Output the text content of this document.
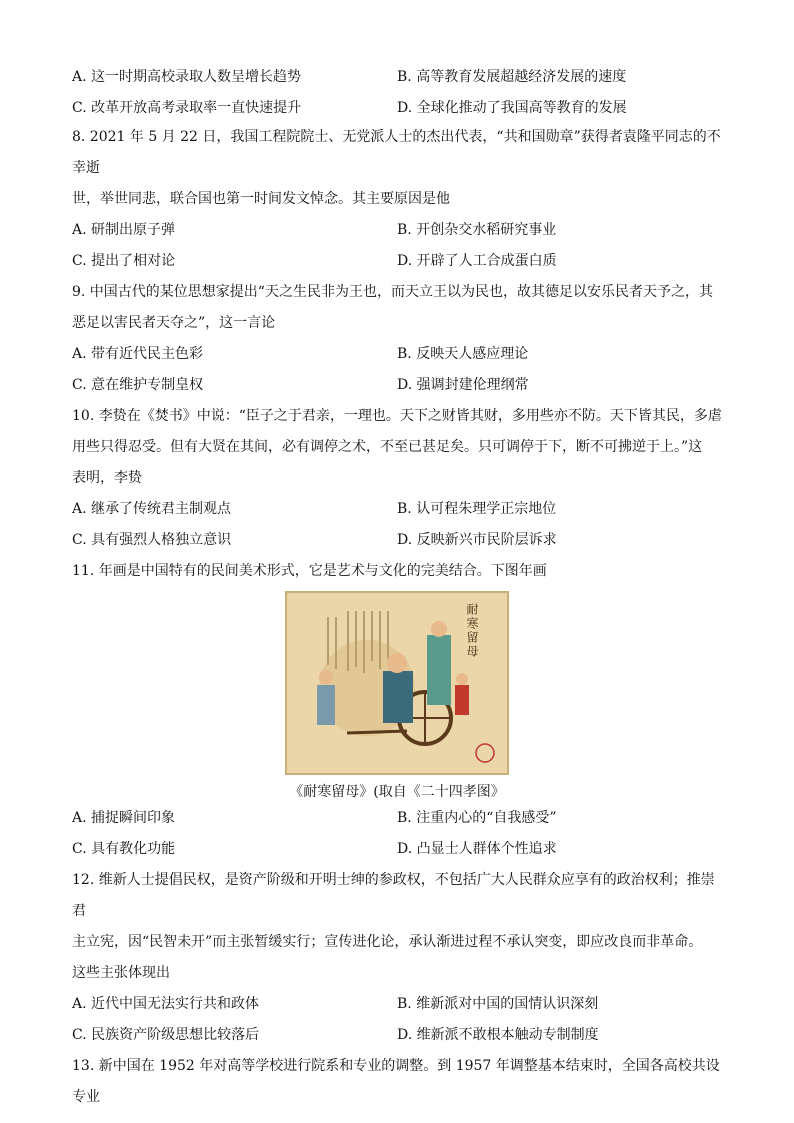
A. 这一时期高校录取人数呈增长趋势	B. 高等教育发展超越经济发展的速度
C. 改革开放高考录取率一直快速提升	D. 全球化推动了我国高等教育的发展

8. 2021 年 5 月 22 日，我国工程院院士、无党派人士的杰出代表，“共和国勋章”获得者袁隆平同志的不幸逝

世，举世同悲，联合国也第一时间发文悼念。其主要原因是他

A. 研制出原子弹	B. 开创杂交水稻研究事业
C. 提出了相对论	D. 开辟了人工合成蛋白质

9. 中国古代的某位思想家提出“天之生民非为王也，而天立王以为民也，故其德足以安乐民者天予之，其

恶足以害民者天夺之”，这一言论

A. 带有近代民主色彩	B. 反映天人感应理论
C. 意在维护专制皇权	D. 强调封建伦理纲常

10. 李贽在《焚书》中说：“臣子之于君亲，一理也。天下之财皆其财，多用些亦不防。天下皆其民，多虐

用些只得忍受。但有大贤在其间，必有调停之术，不至已甚足矣。只可调停于下，断不可拂逆于上。”这

表明，李贽

A. 继承了传统君主制观点	B. 认可程朱理学正宗地位
C. 具有强烈人格独立意识	D. 反映新兴市民阶层诉求

11. 年画是中国特有的民间美术形式，它是艺术与文化的完美结合。下图年画

耐寒留母
《耐寒留母》(取自《二十四孝图》
A. 捕捉瞬间印象	B. 注重内心的“自我感受”
C. 具有教化功能	D. 凸显士人群体个性追求

12. 维新人士提倡民权，是资产阶级和开明士绅的参政权，不包括广大人民群众应享有的政治权利；推崇君

主立宪，因“民智未开”而主张暂缓实行；宣传进化论，承认渐进过程不承认突变，即应改良而非革命。

这些主张体现出

A. 近代中国无法实行共和政体	B. 维新派对中国的国情认识深刻
C. 民族资产阶级思想比较落后	D. 维新派不敢根本触动专制制度

13. 新中国在 1952 年对高等学校进行院系和专业的调整。到 1957 年调整基本结束时，全国各高校共设专业
